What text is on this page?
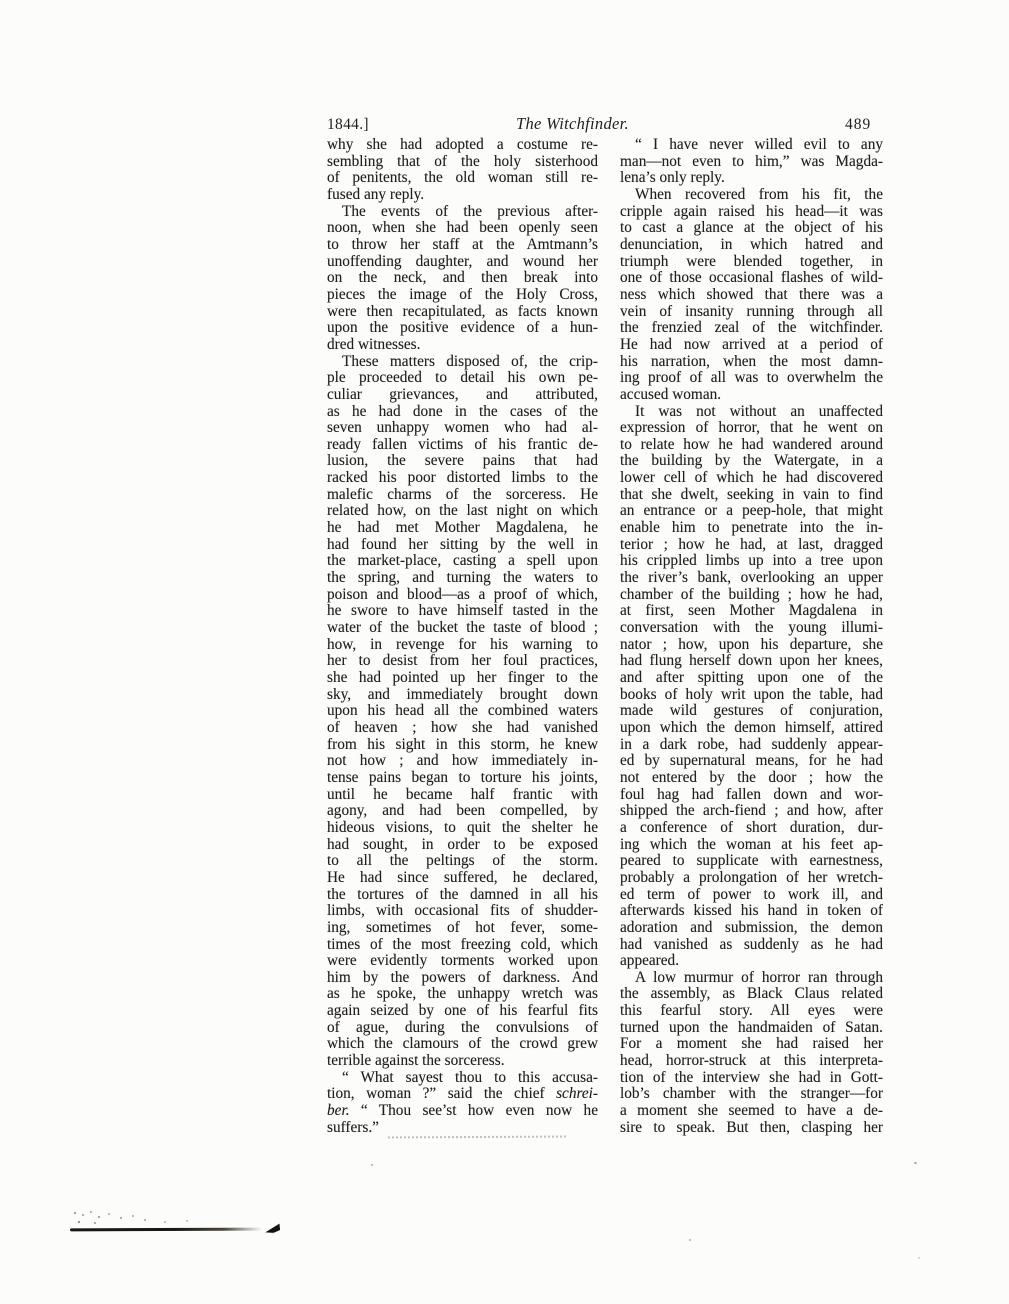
1844.]	The Witchfinder.	489
why she had adopted a costume re-
sembling that of the holy sisterhood
of penitents, the old woman still re-
fused any reply.
The events of the previous after-
noon, when she had been openly seen
to throw her staff at the Amtmann’s
unoffending daughter, and wound her
on the neck, and then break into
pieces the image of the Holy Cross,
were then recapitulated, as facts known
upon the positive evidence of a hun-
dred witnesses.
These matters disposed of, the crip-
ple proceeded to detail his own pe-
culiar grievances, and attributed,
as he had done in the cases of the
seven unhappy women who had al-
ready fallen victims of his frantic de-
lusion, the severe pains that had
racked his poor distorted limbs to the
malefic charms of the sorceress. He
related how, on the last night on which
he had met Mother Magdalena, he
had found her sitting by the well in
the market-place, casting a spell upon
the spring, and turning the waters to
poison and blood—as a proof of which,
he swore to have himself tasted in the
water of the bucket the taste of blood ;
how, in revenge for his warning to
her to desist from her foul practices,
she had pointed up her finger to the
sky, and immediately brought down
upon his head all the combined waters
of heaven ; how she had vanished
from his sight in this storm, he knew
not how ; and how immediately in-
tense pains began to torture his joints,
until he became half frantic with
agony, and had been compelled, by
hideous visions, to quit the shelter he
had sought, in order to be exposed
to all the peltings of the storm.
He had since suffered, he declared,
the tortures of the damned in all his
limbs, with occasional fits of shudder-
ing, sometimes of hot fever, some-
times of the most freezing cold, which
were evidently torments worked upon
him by the powers of darkness. And
as he spoke, the unhappy wretch was
again seized by one of his fearful fits
of ague, during the convulsions of
which the clamours of the crowd grew
terrible against the sorceress.
“ What sayest thou to this accusa-
tion, woman ?” said the chief schrei-
ber. “ Thou see’st how even now he
suffers.”
“ I have never willed evil to any
man—not even to him,” was Magda-
lena’s only reply.
When recovered from his fit, the
cripple again raised his head—it was
to cast a glance at the object of his
denunciation, in which hatred and
triumph were blended together, in
one of those occasional flashes of wild-
ness which showed that there was a
vein of insanity running through all
the frenzied zeal of the witchfinder.
He had now arrived at a period of
his narration, when the most damn-
ing proof of all was to overwhelm the
accused woman.
It was not without an unaffected
expression of horror, that he went on
to relate how he had wandered around
the building by the Watergate, in a
lower cell of which he had discovered
that she dwelt, seeking in vain to find
an entrance or a peep-hole, that might
enable him to penetrate into the in-
terior ; how he had, at last, dragged
his crippled limbs up into a tree upon
the river’s bank, overlooking an upper
chamber of the building ; how he had,
at first, seen Mother Magdalena in
conversation with the young illumi-
nator ; how, upon his departure, she
had flung herself down upon her knees,
and after spitting upon one of the
books of holy writ upon the table, had
made wild gestures of conjuration,
upon which the demon himself, attired
in a dark robe, had suddenly appear-
ed by supernatural means, for he had
not entered by the door ; how the
foul hag had fallen down and wor-
shipped the arch-fiend ; and how, after
a conference of short duration, dur-
ing which the woman at his feet ap-
peared to supplicate with earnestness,
probably a prolongation of her wretch-
ed term of power to work ill, and
afterwards kissed his hand in token of
adoration and submission, the demon
had vanished as suddenly as he had
appeared.
A low murmur of horror ran through
the assembly, as Black Claus related
this fearful story. All eyes were
turned upon the handmaiden of Satan.
For a moment she had raised her
head, horror-struck at this interpreta-
tion of the interview she had in Gott-
lob’s chamber with the stranger—for
a moment she seemed to have a de-
sire to speak. But then, clasping her
